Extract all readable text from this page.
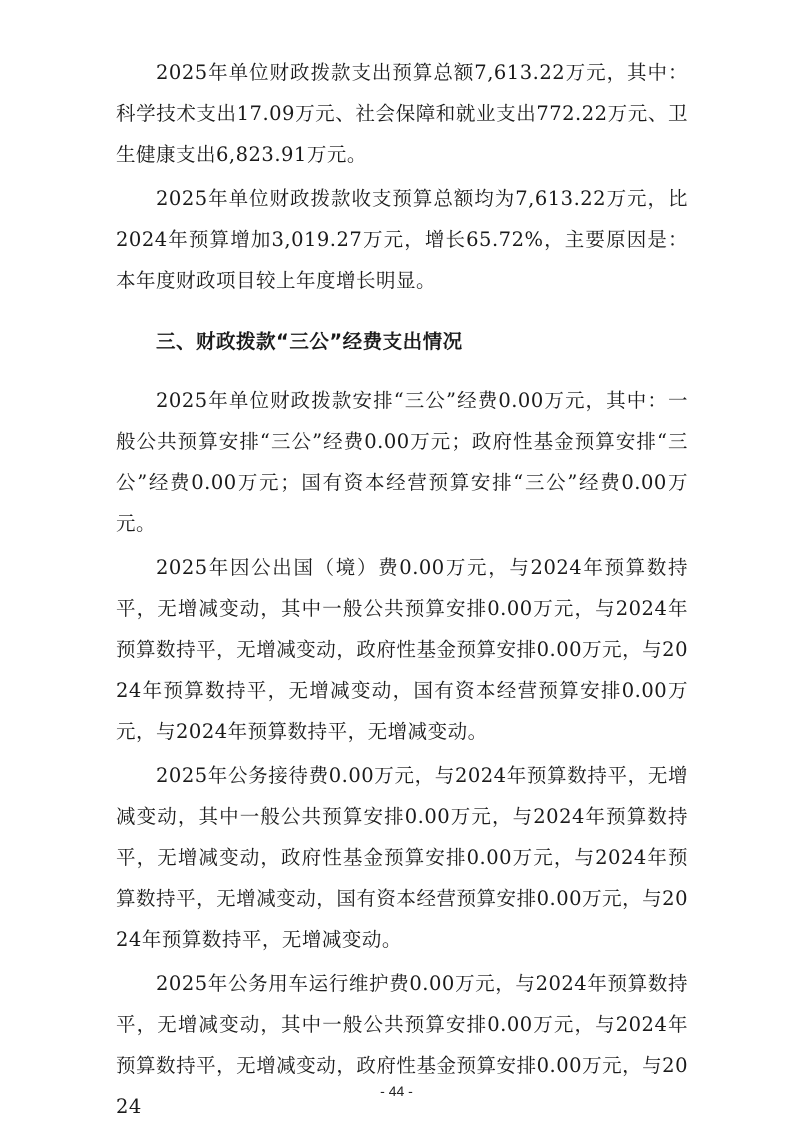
2025年单位财政拨款支出预算总额7,613.22万元，其中：科学技术支出17.09万元、社会保障和就业支出772.22万元、卫生健康支出6,823.91万元。

2025年单位财政拨款收支预算总额均为7,613.22万元，比2024年预算增加3,019.27万元，增长65.72%，主要原因是：本年度财政项目较上年度增长明显。

三、财政拨款“三公”经费支出情况

2025年单位财政拨款安排“三公”经费0.00万元，其中：一般公共预算安排“三公”经费0.00万元；政府性基金预算安排“三公”经费0.00万元；国有资本经营预算安排“三公”经费0.00万元。

2025年因公出国（境）费0.00万元，与2024年预算数持平，无增减变动，其中一般公共预算安排0.00万元，与2024年预算数持平，无增减变动，政府性基金预算安排0.00万元，与2024年预算数持平，无增减变动，国有资本经营预算安排0.00万元，与2024年预算数持平，无增减变动。

2025年公务接待费0.00万元，与2024年预算数持平，无增减变动，其中一般公共预算安排0.00万元，与2024年预算数持平，无增减变动，政府性基金预算安排0.00万元，与2024年预算数持平，无增减变动，国有资本经营预算安排0.00万元，与2024年预算数持平，无增减变动。

2025年公务用车运行维护费0.00万元，与2024年预算数持平，无增减变动，其中一般公共预算安排0.00万元，与2024年预算数持平，无增减变动，政府性基金预算安排0.00万元，与2024

- 44 -
